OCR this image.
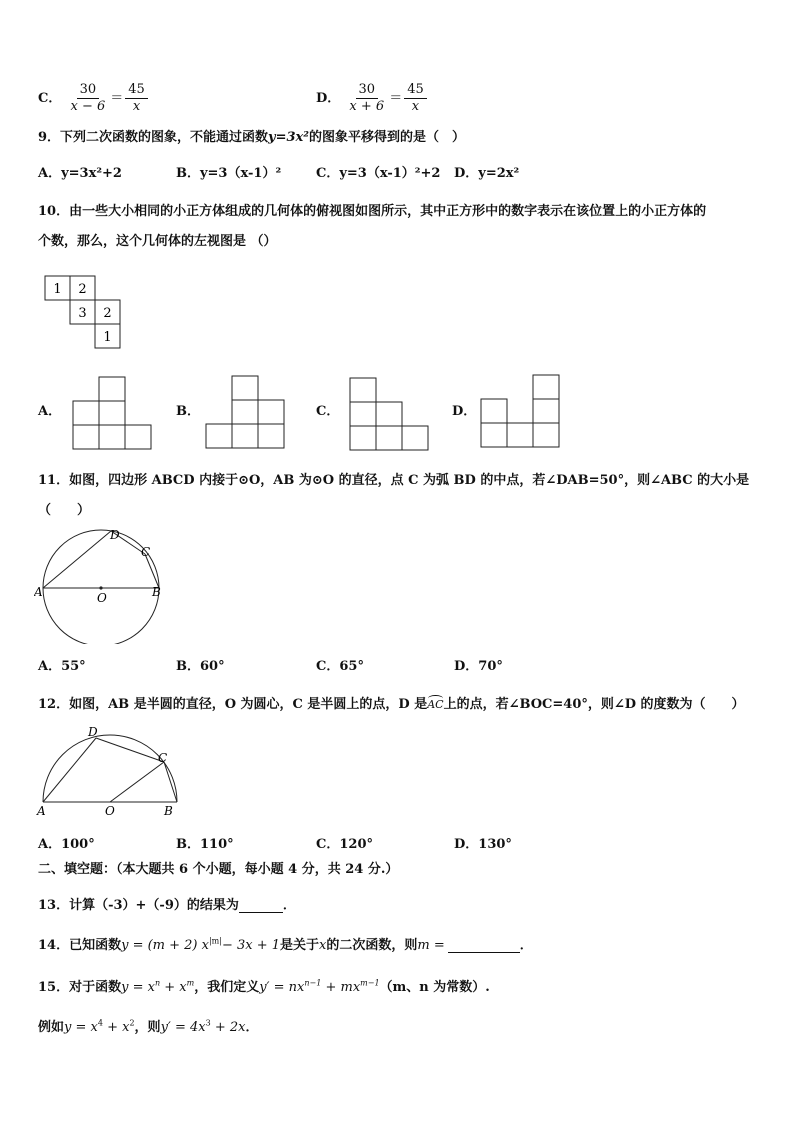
C． $\frac{30}{x - 6} = \frac{45}{x}$	D． $\frac{30}{x + 6} = \frac{45}{x}$
9．下列二次函数的图象，不能通过函数y=3x²的图象平移得到的是（　）
A．y=3x²+2	B．y=3（x-1）²	C．y=3（x-1）²+2 D．y=2x²
10．由一些大小相同的小正方体组成的几何体的俯视图如图所示，其中正方形中的数字表示在该位置上的小正方体的
个数，那么，这个几何体的左视图是 （）
1 2
3 2
1
A．	B．	C．	D．
11．如图，四边形 ABCD 内接于⊙O，AB 为⊙O 的直径，点 C 为弧 BD 的中点，若∠DAB=50°，则∠ABC 的大小是
（　　）
A	B
C
D
O
A．55°	B．60°	C．65°	D．70°
12．如图，AB 是半圆的直径，O 为圆心，C 是半圆上的点，D 是
AC上的点，若∠BOC=40°，则∠D 的度数为（　　）
A	B
C
D
O
A．100°	B．110°	C．120°	D．130°
二、填空题：（本大题共 6 个小题，每小题 4 分，共 24 分.）
13．计算（-3）+（-9）的结果为	．
14．已知函数y = (m + 2) $x^{|m|}- 3x + 1$是关于x的二次函数，则m =	．
15．对于函数$y = x^n + x^m$，我们定义$y' = nx^{n-1} + mx^{m-1}(m$、n 为常数）.
例如$y = x^4 + x^2$，则$y' = 4x^3 + 2x$．
